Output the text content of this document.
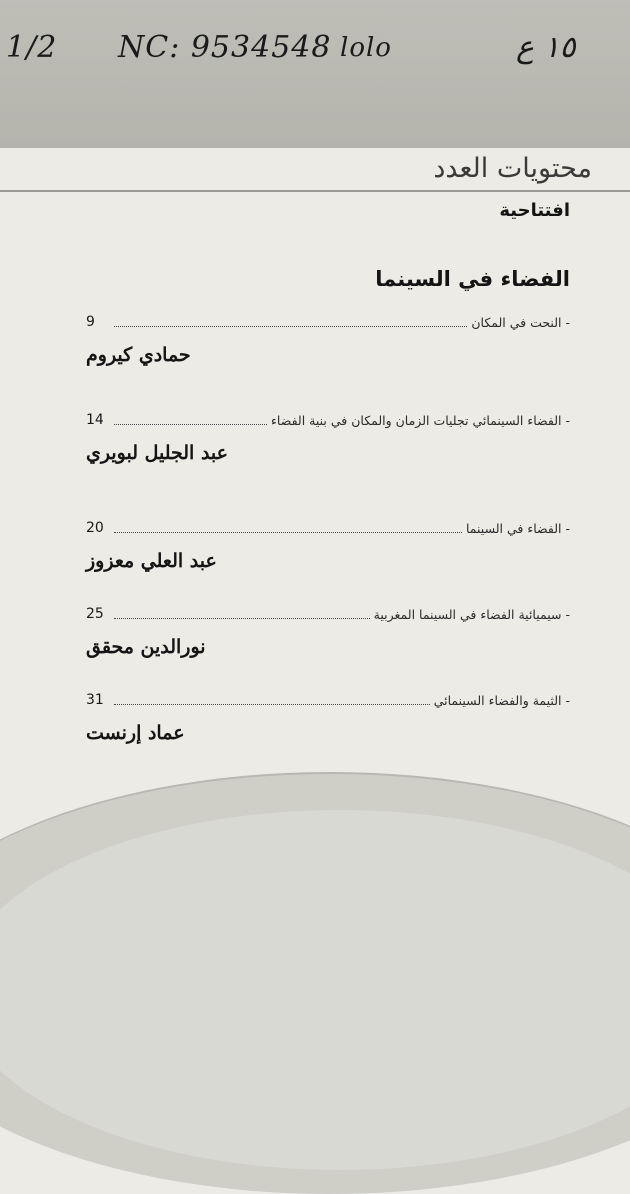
1/2 NC: 9534548 lolo	١٥ ع
محتويات العدد
افتتاحية
الفضاء في السينما
-
النحت في المكان
9
حمادي كيروم
-
الفضاء السينمائي تجليات الزمان والمكان في بنية الفضاء
14
عبد الجليل لبويري
-
الفضاء في السينما
20
عبد العلي معزوز
-
سيميائية الفضاء في السينما المغربية
25
نورالدين محقق
-
الثيمة والفضاء السينمائي
31
عماد إرنست
